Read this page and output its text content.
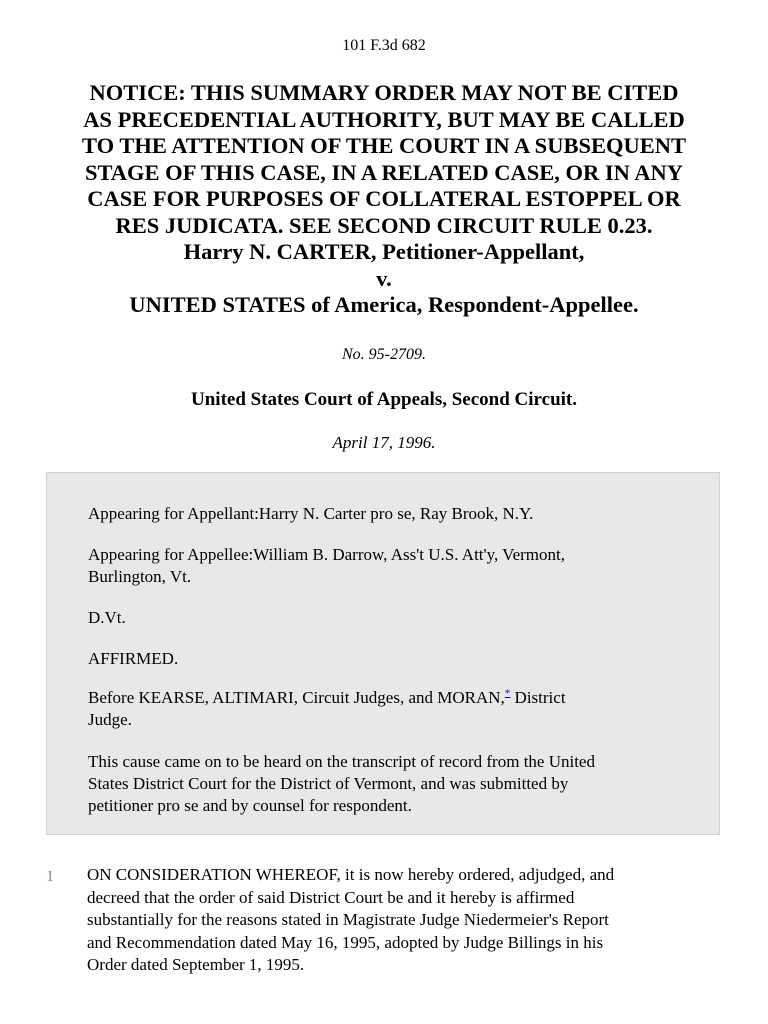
101 F.3d 682
NOTICE: THIS SUMMARY ORDER MAY NOT BE CITED
AS PRECEDENTIAL AUTHORITY, BUT MAY BE CALLED
TO THE ATTENTION OF THE COURT IN A SUBSEQUENT
STAGE OF THIS CASE, IN A RELATED CASE, OR IN ANY
CASE FOR PURPOSES OF COLLATERAL ESTOPPEL OR
RES JUDICATA. SEE SECOND CIRCUIT RULE 0.23.
Harry N. CARTER, Petitioner-Appellant,
v.
UNITED STATES of America, Respondent-Appellee.
No. 95-2709.
United States Court of Appeals, Second Circuit.
April 17, 1996.
Appearing for Appellant:Harry N. Carter pro se, Ray Brook, N.Y.
Appearing for Appellee:William B. Darrow, Ass't U.S. Att'y, Vermont,
Burlington, Vt.
D.Vt.
AFFIRMED.
Before KEARSE, ALTIMARI, Circuit Judges, and MORAN,* District
Judge.
This cause came on to be heard on the transcript of record from the United
States District Court for the District of Vermont, and was submitted by
petitioner pro se and by counsel for respondent.
1 ON CONSIDERATION WHEREOF, it is now hereby ordered, adjudged, and
decreed that the order of said District Court be and it hereby is affirmed
substantially for the reasons stated in Magistrate Judge Niedermeier's Report
and Recommendation dated May 16, 1995, adopted by Judge Billings in his
Order dated September 1, 1995.
